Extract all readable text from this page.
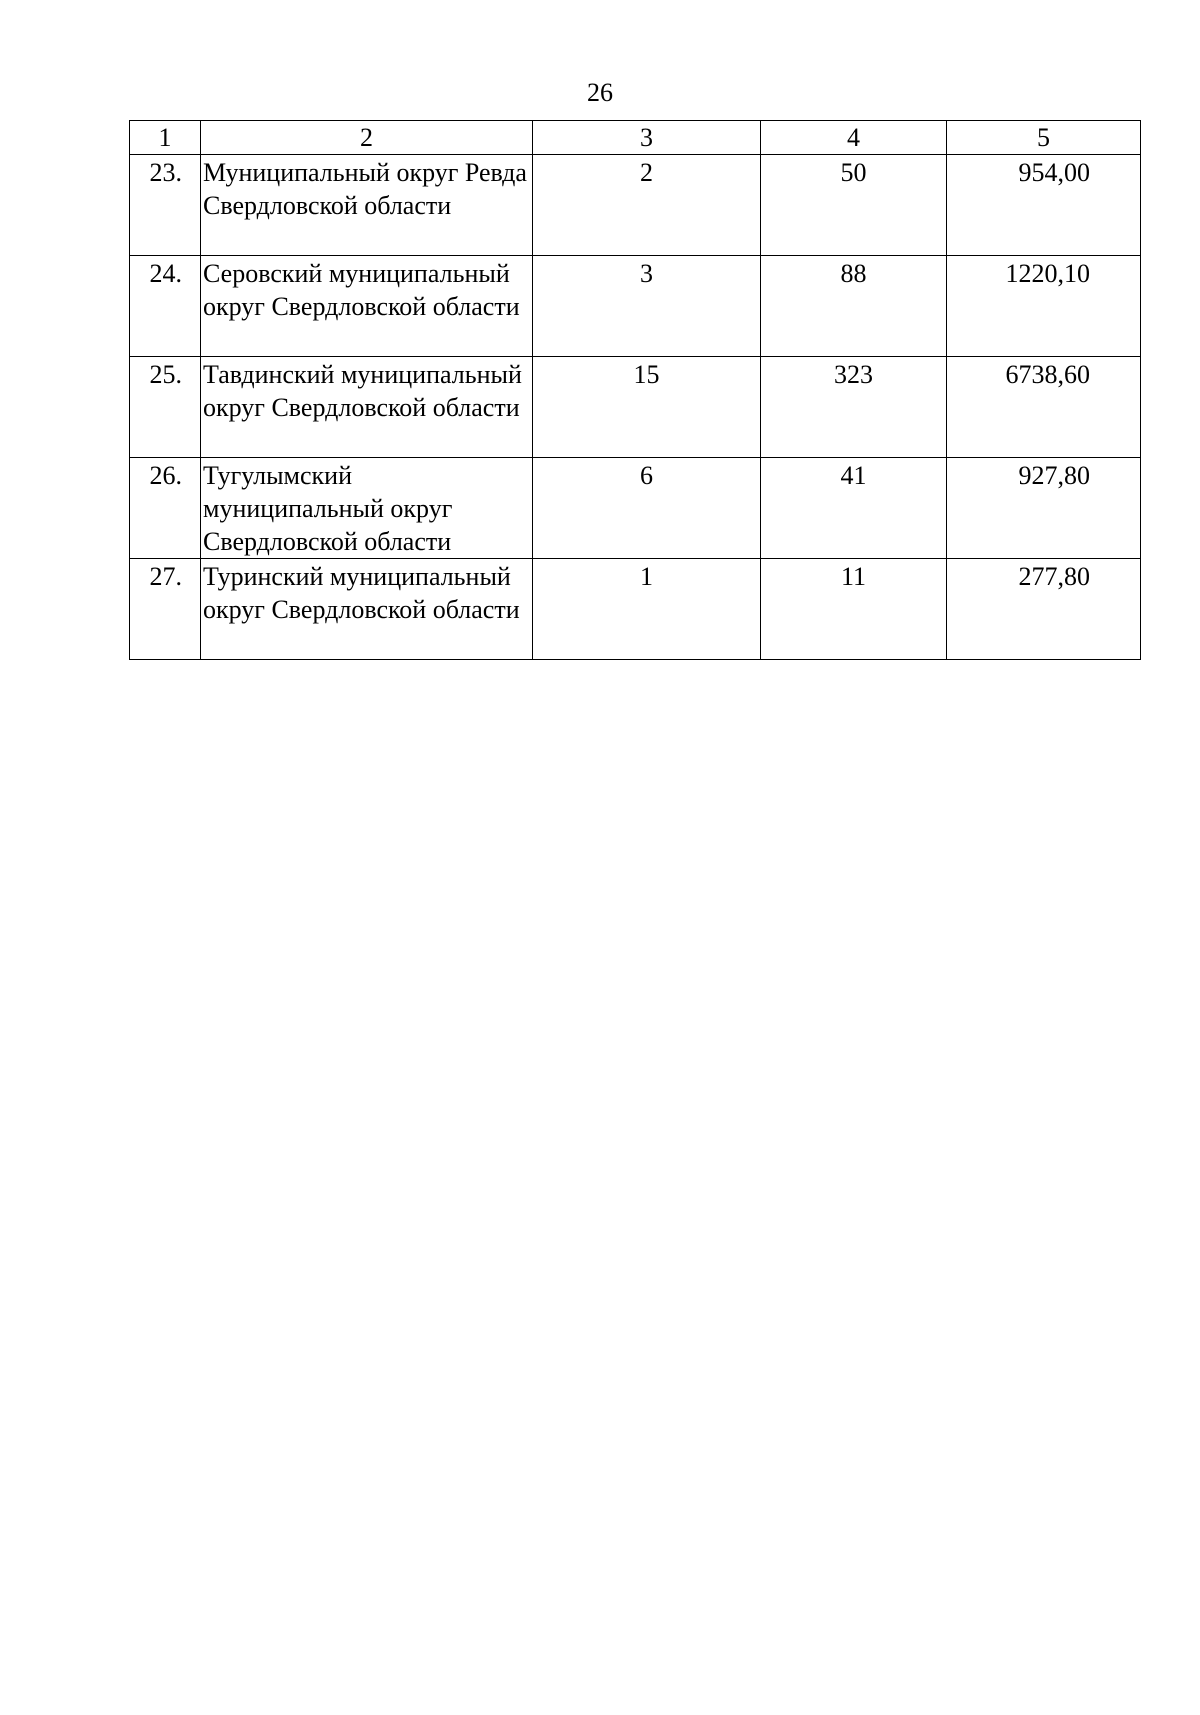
26
1	2	3	4	5
23.	Муниципальный округ Ревда Свердловской области	2	50	954,00
24.	Серовский муниципальный округ Свердловской области	3	88	1220,10
25.	Тавдинский муниципальный округ Свердловской области	15	323	6738,60
26.	Тугулымский муниципальный округ Свердловской области	6	41	927,80
27.	Туринский муниципальный округ Свердловской области	1	11	277,80
